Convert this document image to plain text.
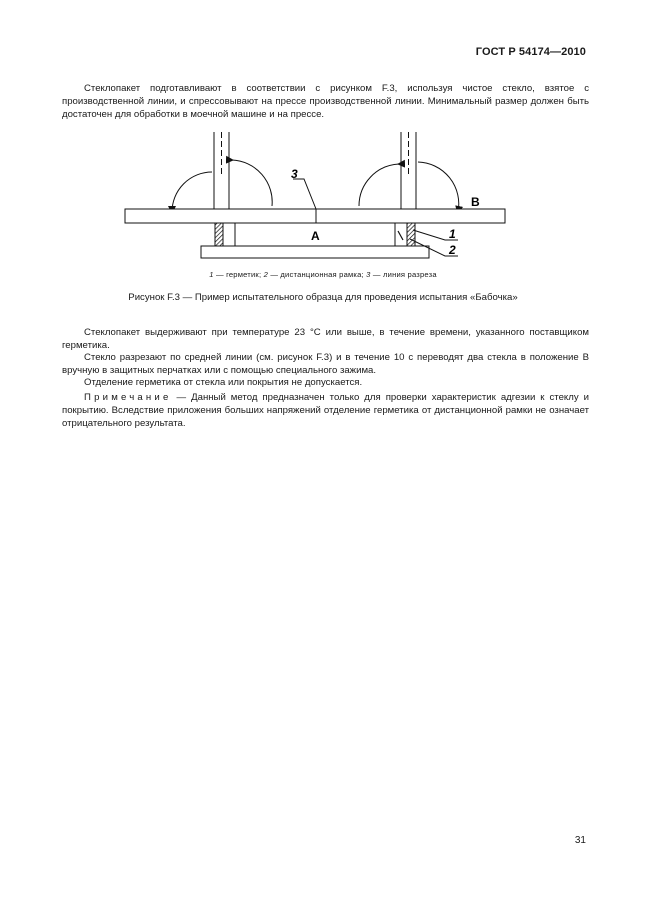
ГОСТ Р 54174—2010

Стеклопакет подготавливают в соответствии с рисунком F.3, используя чистое стекло, взятое с производственной линии, и спрессовывают на прессе производственной линии. Минимальный размер должен быть достаточен для обработки в моечной машине и на прессе.

A
B
3
1
2
1 — герметик; 2 — дистанционная рамка; 3 — линия разреза
Рисунок F.3 — Пример испытательного образца для проведения испытания «Бабочка»

Стеклопакет выдерживают при температуре 23 °С или выше, в течение времени, указанного поставщиком герметика.

Стекло разрезают по средней линии (см. рисунок F.3) и в течение 10 с переводят два стекла в положение В вручную в защитных перчатках или с помощью специального зажима.

Отделение герметика от стекла или покрытия не допускается.

Примечание — Данный метод предназначен только для проверки характеристик адгезии к стеклу и покрытию. Вследствие приложения больших напряжений отделение герметика от дистанционной рамки не означает отрицательного результата.

31
